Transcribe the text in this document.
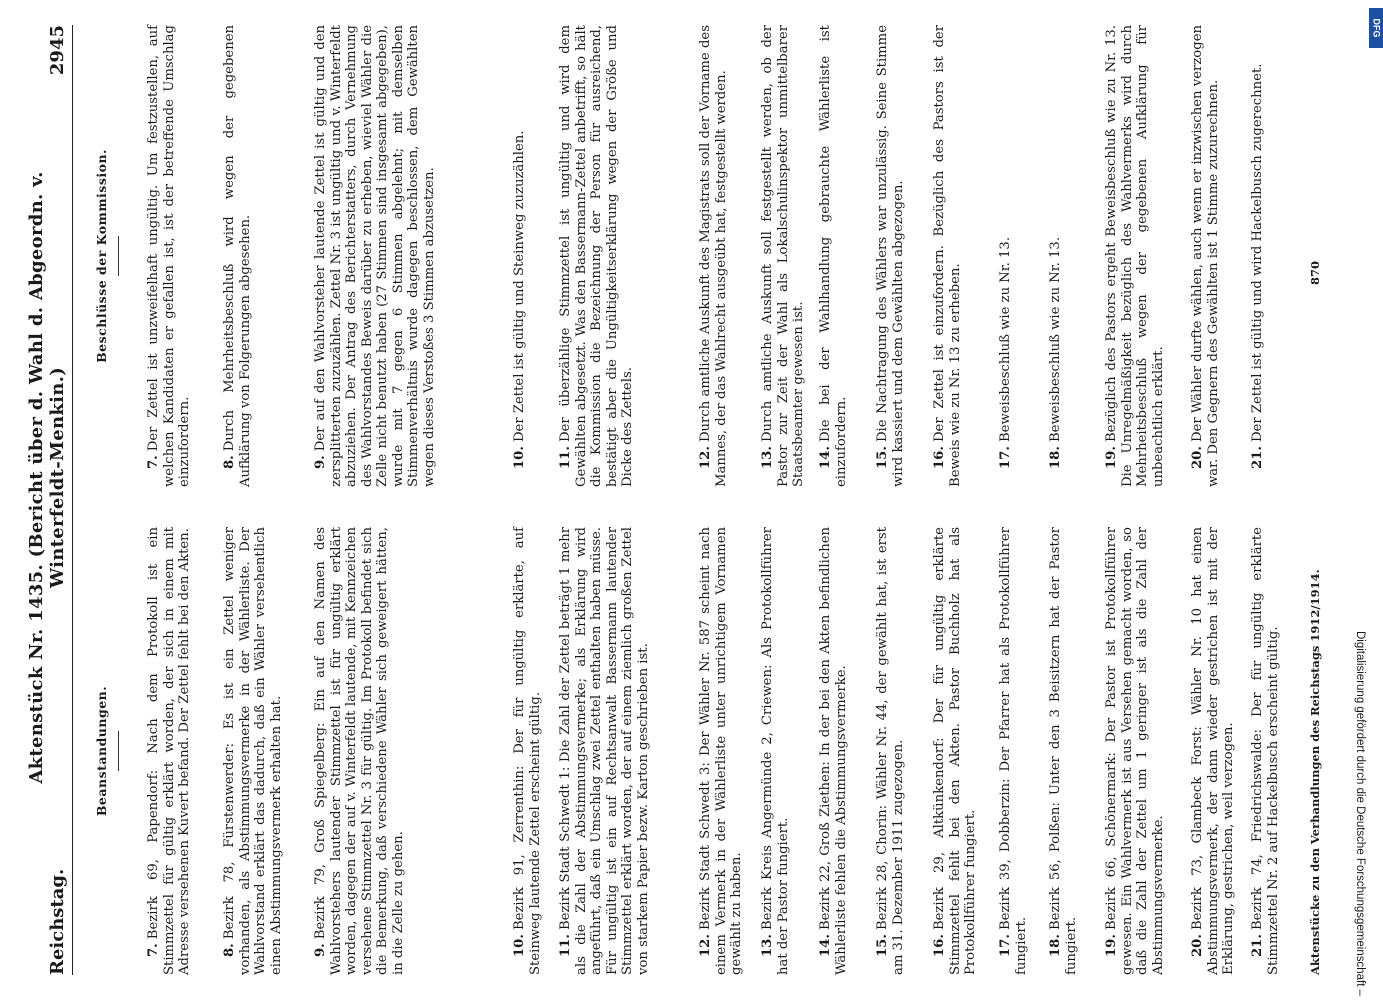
Reichstag.
Aktenstück Nr. 1435. (Bericht über d. Wahl d. Abgeordn. v. Winterfeldt-Menkin.)
2945
Beanstandungen.
7.Bezirk 69, Papendorf: Nach dem Protokoll ist ein Stimmzettel für gültig erklärt worden, der sich in einem mit Adresse versehenen Kuvert befand. Der Zettel fehlt bei den Akten. 8.Bezirk 78, Fürstenwerder: Es ist ein Zettel weniger vorhanden, als Abstimmungsvermerke in der Wählerliste. Der Wahlvorstand erklärt das dadurch, daß ein Wähler versehentlich einen Abstimmungsvermerk erhalten hat. 9.Bezirk 79, Groß Spiegelberg: Ein auf den Namen des Wahlvorstehers lautender Stimmzettel ist für ungültig erklärt worden, dagegen der auf v. Winterfeldt lautende, mit Kennzeichen versehene Stimmzettel Nr. 3 für gültig. Im Protokoll befindet sich die Bemerkung, daß verschiedene Wähler sich geweigert hätten, in die Zelle zu gehen.	10.Bezirk 91, Zerrenthin: Der für ungültig erklärte, auf Steinweg lautende Zettel erscheint gültig. 11.Bezirk Stadt Schwedt 1: Die Zahl der Zettel beträgt 1 mehr als die Zahl der Abstimmungsvermerke; als Erklärung wird angeführt, daß ein Umschlag zwei Zettel enthalten haben müsse. Für ungültig ist ein auf Rechtsanwalt Bassermann lautender Stimmzettel erklärt worden, der auf einem ziemlich großen Zettel von starkem Papier bezw. Karton geschrieben ist.	12.Bezirk Stadt Schwedt 3: Der Wähler Nr. 587 scheint nach einem Vermerk in der Wählerliste unter unrichtigem Vornamen gewählt zu haben. 13.Bezirk Kreis Angermünde 2, Criewen: Als Protokollführer hat der Pastor fungiert. 14.Bezirk 22, Groß Ziethen: In der bei den Akten befindlichen Wählerliste fehlen die Abstimmungsvermerke. 15.Bezirk 28, Chorin: Wähler Nr. 44, der gewählt hat, ist erst am 31. Dezember 1911 zugezogen. 16.Bezirk 29, Altkünkendorf: Der für ungültig erklärte Stimmzettel fehlt bei den Akten. Pastor Buchholz hat als Protokollführer fungiert. 17.Bezirk 39, Dobberzin: Der Pfarrer hat als Protokollführer fungiert. 18.Bezirk 56, Polßen: Unter den 3 Beisitzern hat der Pastor fungiert. 19.Bezirk 66, Schönermark: Der Pastor ist Protokollführer gewesen. Ein Wahlvermerk ist aus Versehen gemacht worden, so daß die Zahl der Zettel um 1 geringer ist als die Zahl der Abstimmungsvermerke. 20.Bezirk 73, Glambeck Forst: Wähler Nr. 10 hat einen Abstimmungsvermerk, der dann wieder gestrichen ist mit der Erklärung, gestrichen, weil verzogen. 21.Bezirk 74, Friedrichswalde: Der für ungültig erklärte Stimmzettel Nr. 2 auf Hackelbusch erscheint gültig.
Beschlüsse der Kommission.
7.Der Zettel ist unzweifelhaft ungültig. Um festzustellen, auf welchen Kandidaten er gefallen ist, ist der betreffende Umschlag einzufordern. 8.Durch Mehrheitsbeschluß wird wegen der gegebenen Aufklärung von Folgerungen abgesehen.	9.Der auf den Wahlvorsteher lautende Zettel ist gültig und den zersplitterten zuzuzählen. Zettel Nr. 3 ist ungültig und v. Winterfeldt abzuziehen. Der Antrag des Berichterstatters, durch Vernehmung des Wahlvorstandes Beweis darüber zu erheben, wieviel Wähler die Zelle nicht benutzt haben (27 Stimmen sind insgesamt abgegeben), wurde mit 7 gegen 6 Stimmen abgelehnt; mit demselben Stimmenverhältnis wurde dagegen beschlossen, dem Gewählten wegen dieses Verstoßes 3 Stimmen abzusetzen.	10.Der Zettel ist gültig und Steinweg zuzuzählen.
11.Der überzählige Stimmzettel ist ungültig und wird dem Gewählten abgesetzt. Was den Bassermann-Zettel anbetrifft, so hält die Kommission die Bezeichnung der Person für ausreichend, bestätigt aber die Ungültigkeitserklärung wegen der Größe und Dicke des Zettels.	12.Durch amtliche Auskunft des Magistrats soll der Vorname des Mannes, der das Wahlrecht ausgeübt hat, festgestellt werden. 13.Durch amtliche Auskunft soll festgestellt werden, ob der Pastor zur Zeit der Wahl als Lokalschulinspektor unmittelbarer Staatsbeamter gewesen ist. 14.Die bei der Wahlhandlung gebrauchte Wählerliste ist einzufordern. 15.Die Nachtragung des Wählers war unzulässig. Seine Stimme wird kassiert und dem Gewählten abgezogen. 16.Der Zettel ist einzufordern. Bezüglich des Pastors ist der Beweis wie zu Nr. 13 zu erheben.	17.Beweisbeschluß wie zu Nr. 13.
18.Beweisbeschluß wie zu Nr. 13.
19.Bezüglich des Pastors ergeht Beweisbeschluß wie zu Nr. 13. Die Unregelmäßigkeit bezüglich des Wahlvermerks wird durch Mehrheitsbeschluß wegen der gegebenen Aufklärung für unbeachtlich erklärt. 20.Der Wähler durfte wählen, auch wenn er inzwischen verzogen war. Den Gegnern des Gewählten ist 1 Stimme zuzurechnen. 21.Der Zettel ist gültig und wird Hackelbusch zugerechnet.
Aktenstücke zu den Verhandlungen des Reichstags 1912/1914.
870
Digitalisierung gefördert durch die Deutsche Forschungsgemeinschaft –
DFG
